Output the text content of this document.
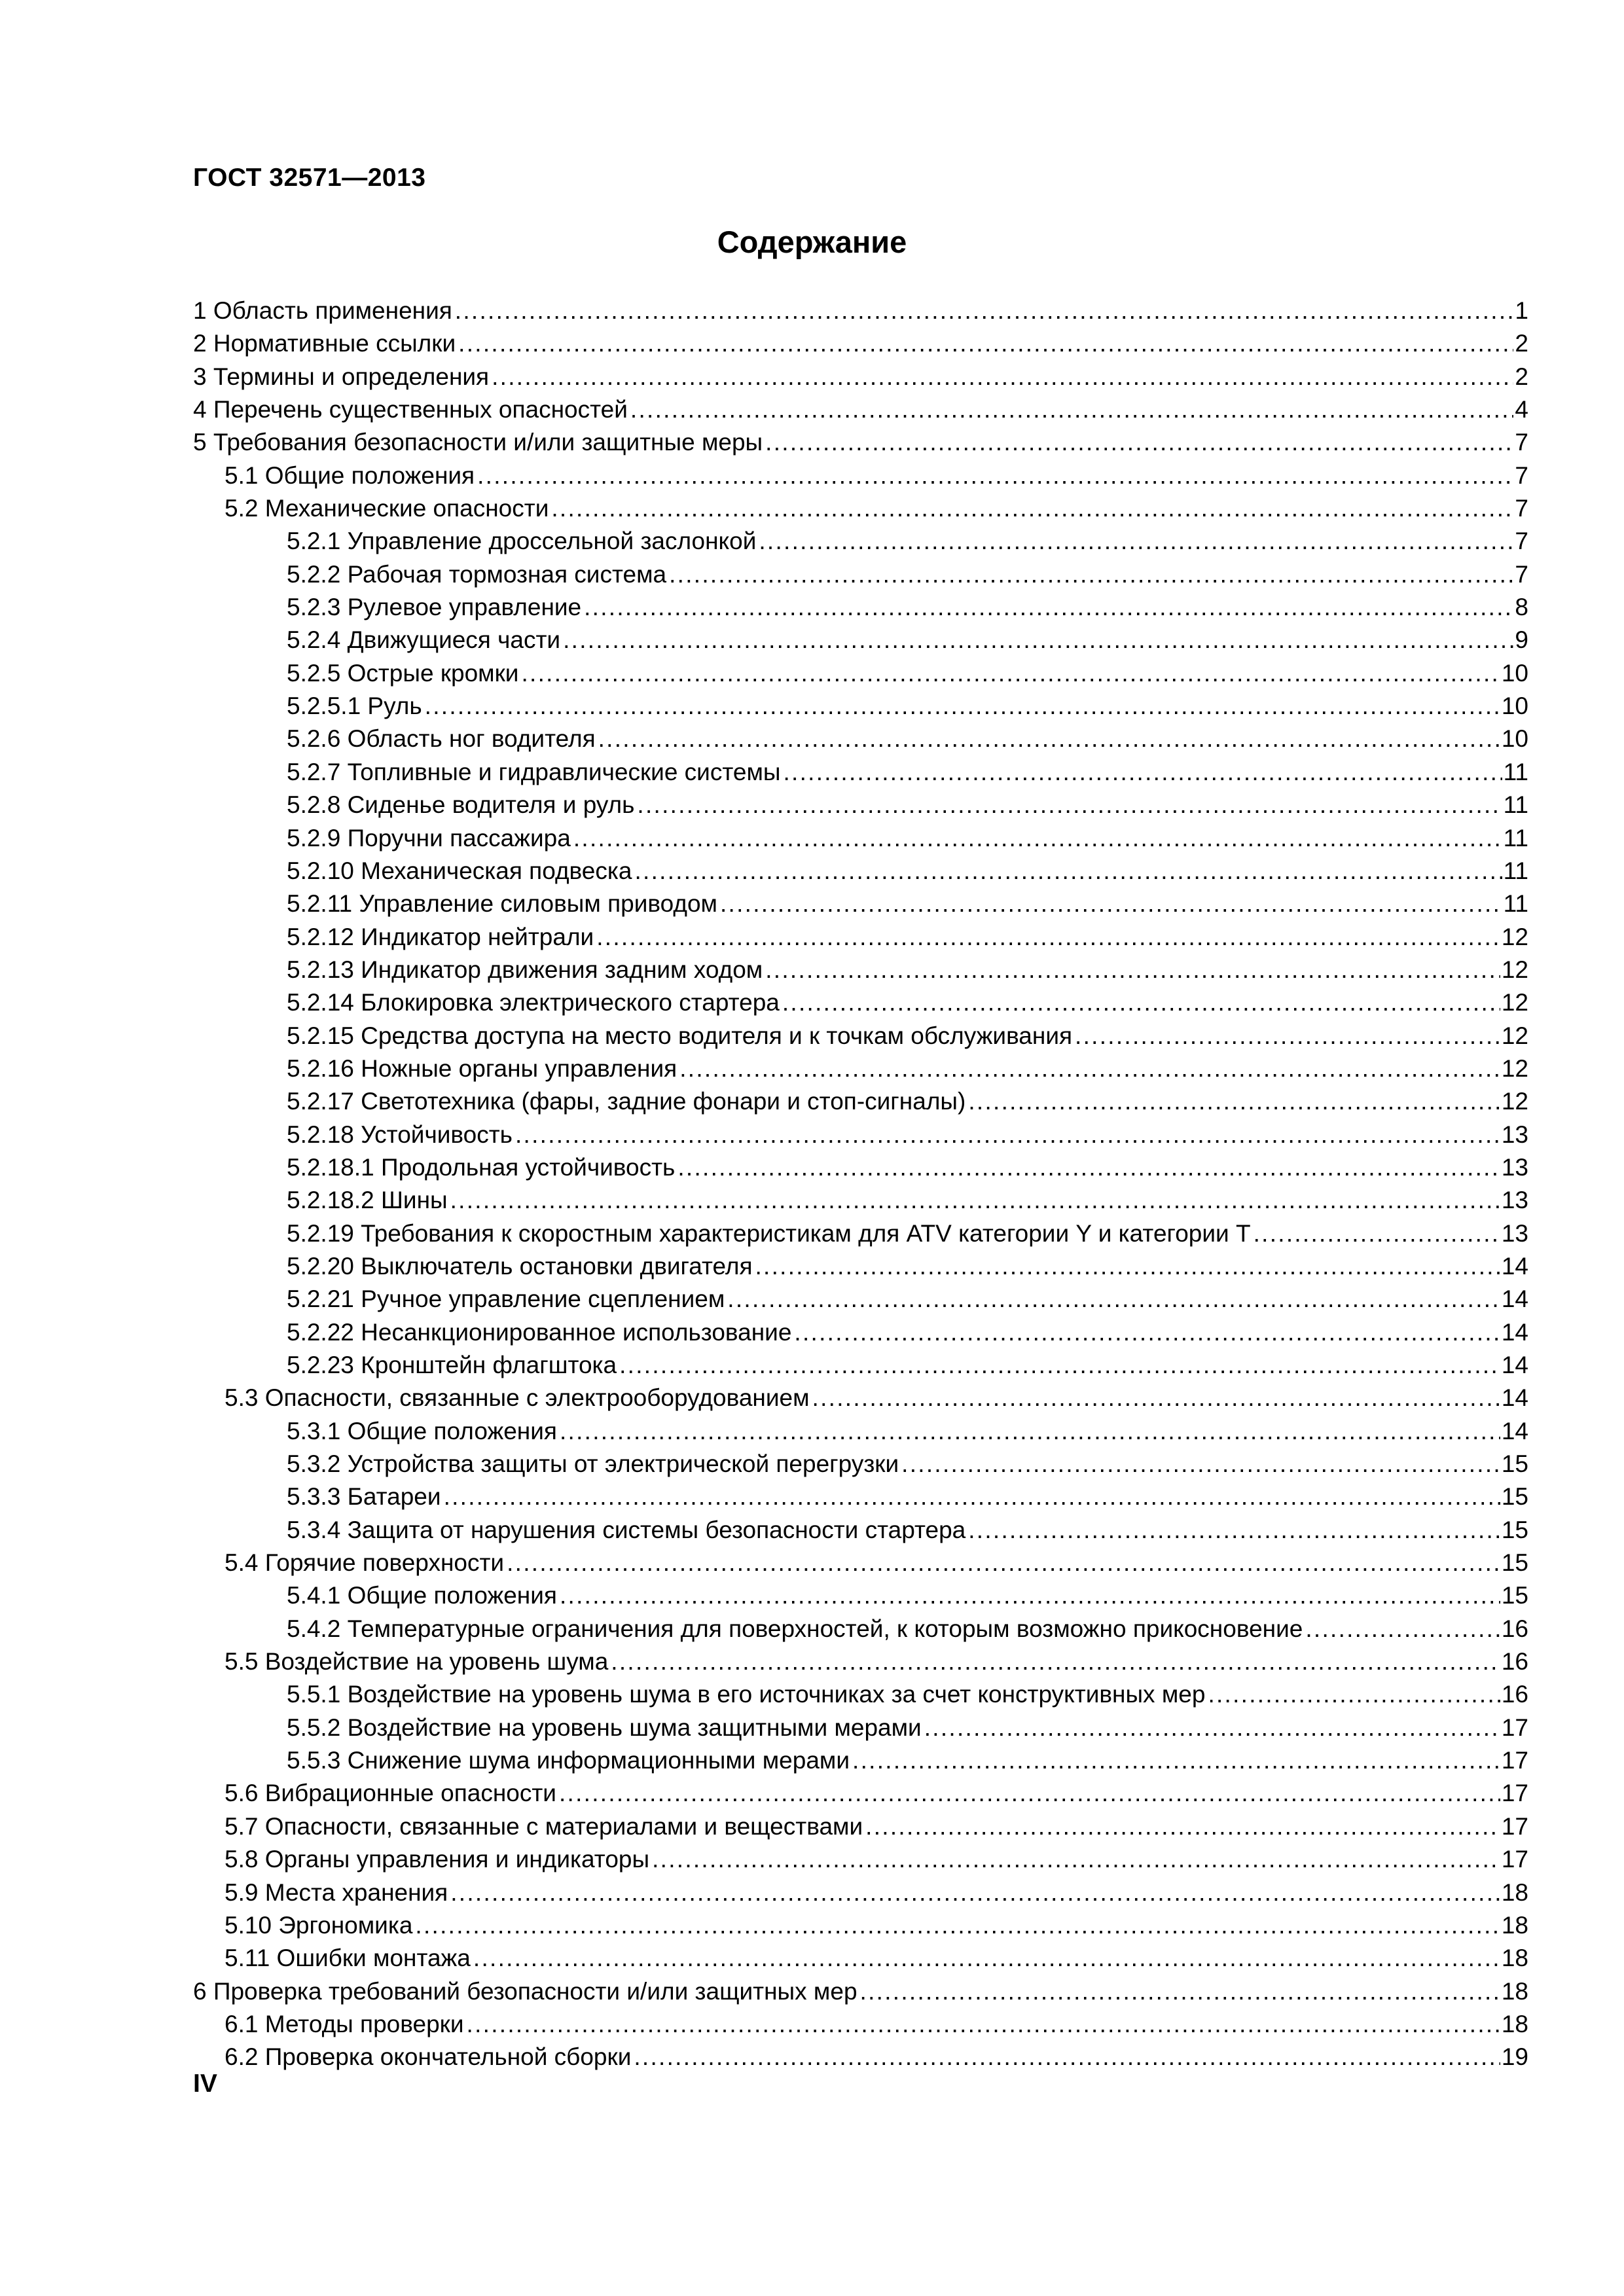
ГОСТ 32571—2013
Содержание
1 Область применения . . .	1
2 Нормативные ссылки . . .	2
3 Термины и определения . . .	2
4 Перечень существенных опасностей . . .	4
5 Требования безопасности и/или защитные меры . . .	7
5.1 Общие положения . . .	7
5.2 Механические опасности . . .	7
5.2.1 Управление дроссельной заслонкой . . .	7
5.2.2 Рабочая тормозная система . . .	7
5.2.3 Рулевое управление . . .	8
5.2.4 Движущиеся части . . .	9
5.2.5 Острые кромки . . .	10
5.2.5.1 Руль . . .	10
5.2.6 Область ног водителя . . .	10
5.2.7 Топливные и гидравлические системы . . .	11
5.2.8 Сиденье водителя и руль . . .	11
5.2.9 Поручни пассажира . . .	11
5.2.10 Механическая подвеска . . .	11
5.2.11 Управление силовым приводом . . .	11
5.2.12 Индикатор нейтрали . . .	12
5.2.13 Индикатор движения задним ходом . . .	12
5.2.14 Блокировка электрического стартера . . .	12
5.2.15 Средства доступа на место водителя и к точкам обслуживания . . .	12
5.2.16 Ножные органы управления . . .	12
5.2.17 Светотехника (фары, задние фонари и стоп-сигналы) . . .	12
5.2.18 Устойчивость . . .	13
5.2.18.1 Продольная устойчивость . . .	13
5.2.18.2 Шины . . .	13
5.2.19 Требования к скоростным характеристикам для ATV категории Y и категории T . . .	13
5.2.20 Выключатель остановки двигателя . . .	14
5.2.21 Ручное управление сцеплением . . .	14
5.2.22 Несанкционированное использование . . .	14
5.2.23 Кронштейн флагштока . . .	14
5.3 Опасности, связанные с электрооборудованием . . .	14
5.3.1 Общие положения . . .	14
5.3.2 Устройства защиты от электрической перегрузки . . .	15
5.3.3 Батареи . . .	15
5.3.4 Защита от нарушения системы безопасности стартера . . .	15
5.4 Горячие поверхности . . .	15
5.4.1 Общие положения . . .	15
5.4.2 Температурные ограничения для поверхностей, к которым возможно прикосновение . . .	16
5.5 Воздействие на уровень шума . . .	16
5.5.1 Воздействие на уровень шума в его источниках за счет конструктивных мер . . .	16
5.5.2 Воздействие на уровень шума защитными мерами . . .	17
5.5.3 Снижение шума информационными мерами . . .	17
5.6 Вибрационные опасности . . .	17
5.7 Опасности, связанные с материалами и веществами . . .	17
5.8 Органы управления и индикаторы . . .	17
5.9 Места хранения . . .	18
5.10 Эргономика . . .	18
5.11 Ошибки монтажа . . .	18
6 Проверка требований безопасности и/или защитных мер . . .	18
6.1 Методы проверки . . .	18
6.2 Проверка окончательной сборки . . .	19
IV
